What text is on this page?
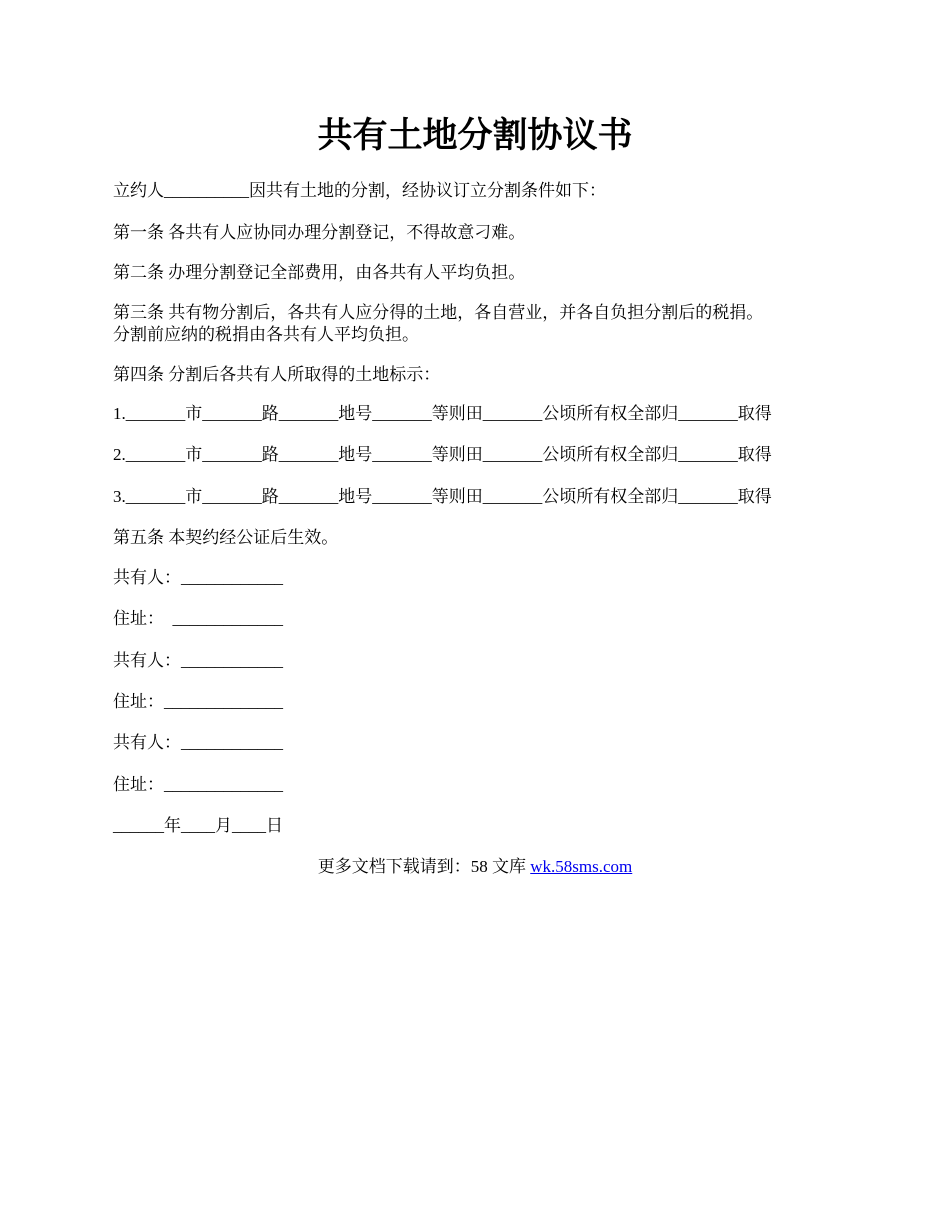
共有土地分割协议书
立约人__________因共有土地的分割，经协议订立分割条件如下：
第一条 各共有人应协同办理分割登记，不得故意刁难。
第二条 办理分割登记全部费用，由各共有人平均负担。
第三条 共有物分割后，各共有人应分得的土地，各自营业，并各自负担分割后的税捐。
分割前应纳的税捐由各共有人平均负担。
第四条 分割后各共有人所取得的土地标示：
1._______市_______路_______地号_______等则田_______公顷所有权全部归_______取得
2._______市_______路_______地号_______等则田_______公顷所有权全部归_______取得
3._______市_______路_______地号_______等则田_______公顷所有权全部归_______取得
第五条 本契约经公证后生效。
共有人：____________
住址：  _____________
共有人：____________
住址：______________
共有人：____________
住址：______________
______年____月____日
更多文档下载请到：58 文库 wk.58sms.com
